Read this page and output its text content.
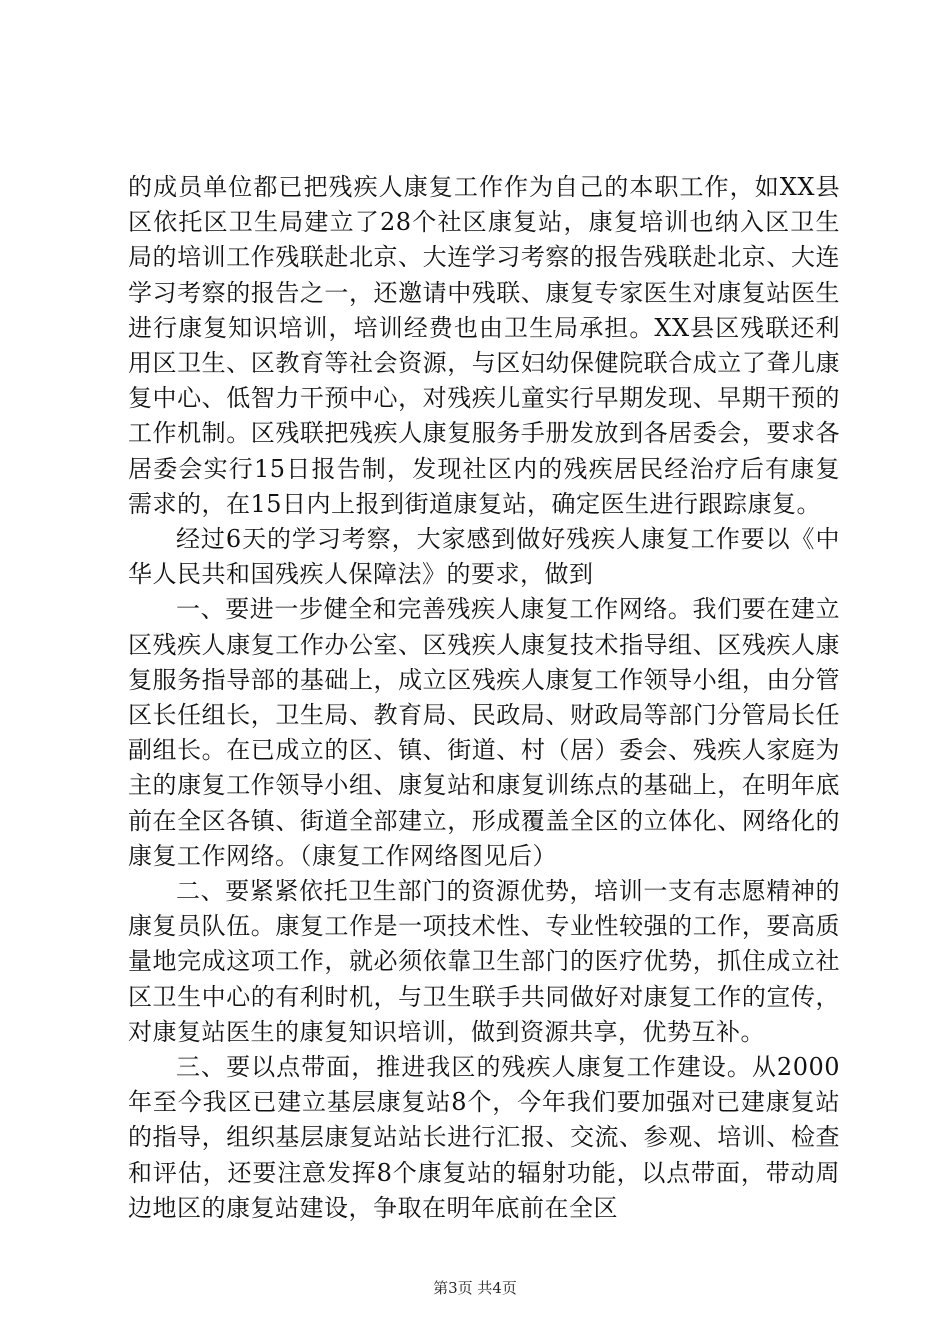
的成员单位都已把残疾人康复工作作为自己的本职工作，如XX县区依托区卫生局建立了28个社区康复站，康复培训也纳入区卫生局的培训工作残联赴北京、大连学习考察的报告残联赴北京、大连学习考察的报告之一，还邀请中残联、康复专家医生对康复站医生进行康复知识培训，培训经费也由卫生局承担。XX县区残联还利用区卫生、区教育等社会资源，与区妇幼保健院联合成立了聋儿康复中心、低智力干预中心，对残疾儿童实行早期发现、早期干预的工作机制。区残联把残疾人康复服务手册发放到各居委会，要求各居委会实行15日报告制，发现社区内的残疾居民经治疗后有康复需求的，在15日内上报到街道康复站，确定医生进行跟踪康复。

经过6天的学习考察，大家感到做好残疾人康复工作要以《中华人民共和国残疾人保障法》的要求，做到

一、要进一步健全和完善残疾人康复工作网络。我们要在建立区残疾人康复工作办公室、区残疾人康复技术指导组、区残疾人康复服务指导部的基础上，成立区残疾人康复工作领导小组，由分管区长任组长，卫生局、教育局、民政局、财政局等部门分管局长任副组长。在已成立的区、镇、街道、村（居）委会、残疾人家庭为主的康复工作领导小组、康复站和康复训练点的基础上，在明年底前在全区各镇、街道全部建立，形成覆盖全区的立体化、网络化的康复工作网络。（康复工作网络图见后）

二、要紧紧依托卫生部门的资源优势，培训一支有志愿精神的康复员队伍。康复工作是一项技术性、专业性较强的工作，要高质量地完成这项工作，就必须依靠卫生部门的医疗优势，抓住成立社区卫生中心的有利时机，与卫生联手共同做好对康复工作的宣传，对康复站医生的康复知识培训，做到资源共享，优势互补。

三、要以点带面，推进我区的残疾人康复工作建设。从2000年至今我区已建立基层康复站8个，今年我们要加强对已建康复站的指导，组织基层康复站站长进行汇报、交流、参观、培训、检查和评估，还要注意发挥8个康复站的辐射功能，以点带面，带动周边地区的康复站建设，争取在明年底前在全区

第3页 共4页
